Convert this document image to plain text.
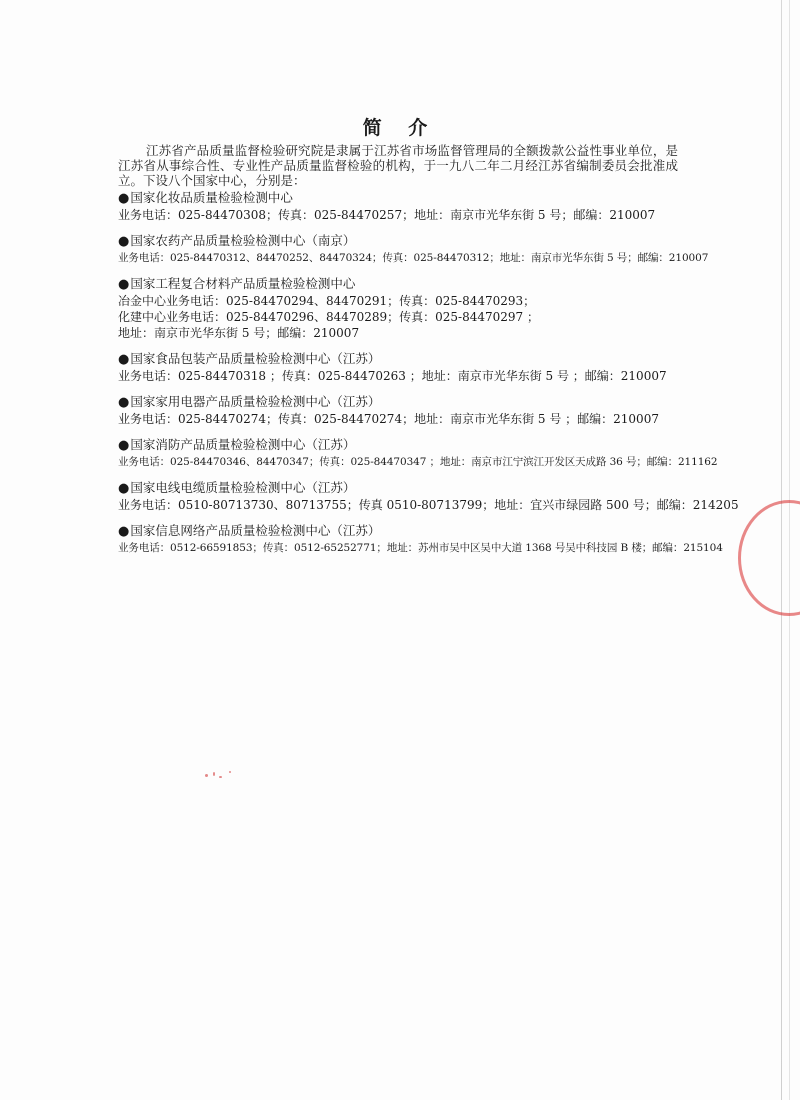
简 介

江苏省产品质量监督检验研究院是隶属于江苏省市场监督管理局的全额拨款公益性事业单位，是江苏省从事综合性、专业性产品质量监督检验的机构，于一九八二年二月经江苏省编制委员会批准成立。下设八个国家中心，分别是：

●国家化妆品质量检验检测中心
业务电话：025-84470308；传真：025-84470257；地址：南京市光华东街 5 号；邮编：210007
●国家农药产品质量检验检测中心（南京）
业务电话：025-84470312、84470252、84470324；传真：025-84470312；地址：南京市光华东街 5 号；邮编：210007
●国家工程复合材料产品质量检验检测中心
冶金中心业务电话：025-84470294、84470291；传真：025-84470293；
化建中心业务电话：025-84470296、84470289；传真：025-84470297 ；
地址：南京市光华东街 5 号；邮编：210007
●国家食品包装产品质量检验检测中心（江苏）
业务电话：025-84470318 ；传真：025-84470263 ；地址：南京市光华东街 5 号 ；邮编：210007
●国家家用电器产品质量检验检测中心（江苏）
业务电话：025-84470274；传真：025-84470274；地址：南京市光华东街 5 号 ；邮编：210007
●国家消防产品质量检验检测中心（江苏）
业务电话：025-84470346、84470347；传真：025-84470347 ；地址：南京市江宁滨江开发区天成路 36 号；邮编：211162
●国家电线电缆质量检验检测中心（江苏）
业务电话：0510-80713730、80713755；传真 0510-80713799；地址：宜兴市绿园路 500 号；邮编：214205
●国家信息网络产品质量检验检测中心（江苏）
业务电话：0512-66591853；传真：0512-65252771；地址：苏州市吴中区吴中大道 1368 号吴中科技园 B 楼；邮编：215104
